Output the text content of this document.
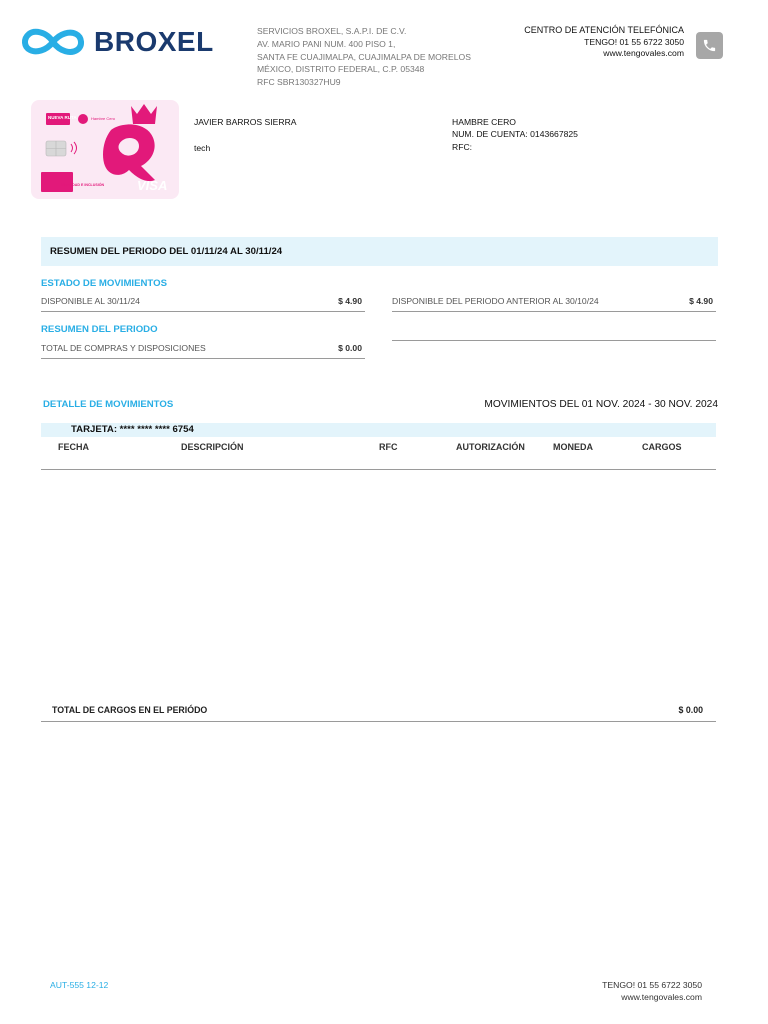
BROXEL	SERVICIOS BROXEL, S.A.P.I. DE C.V.
AV. MARIO PANI NUM. 400 PISO 1,
SANTA FE CUAJIMALPA, CUAJIMALPA DE MORELOS
MÉXICO, DISTRITO FEDERAL, C.P. 05348
RFC SBR130327HU9
CENTRO DE ATENCIÓN TELEFÓNICA
TENGO! 01 55 6722 3050
www.tengovales.com
NUEVA RUTA	Hambre Cero
IGUALDAD E INCLUSIÓN	VISA
JAVIER BARROS SIERRA
tech
HAMBRE CERO
NUM. DE CUENTA: 0143667825
RFC:
RESUMEN DEL PERIODO DEL 01/11/24 AL 30/11/24
ESTADO DE MOVIMIENTOS
DISPONIBLE AL 30/11/24	$ 4.90	DISPONIBLE DEL PERIODO ANTERIOR AL 30/10/24	$ 4.90
RESUMEN DEL PERIODO
TOTAL DE COMPRAS Y DISPOSICIONES	$ 0.00
DETALLE DE MOVIMIENTOS	MOVIMIENTOS DEL 01 NOV. 2024 - 30 NOV. 2024
TARJETA: **** **** **** 6754
FECHA	DESCRIPCIÓN	RFC	AUTORIZACIÓN	MONEDA	CARGOS
TOTAL DE CARGOS EN EL PERIÓDO	$ 0.00
AUT-555 12-12	TENGO! 01 55 6722 3050
www.tengovales.com
